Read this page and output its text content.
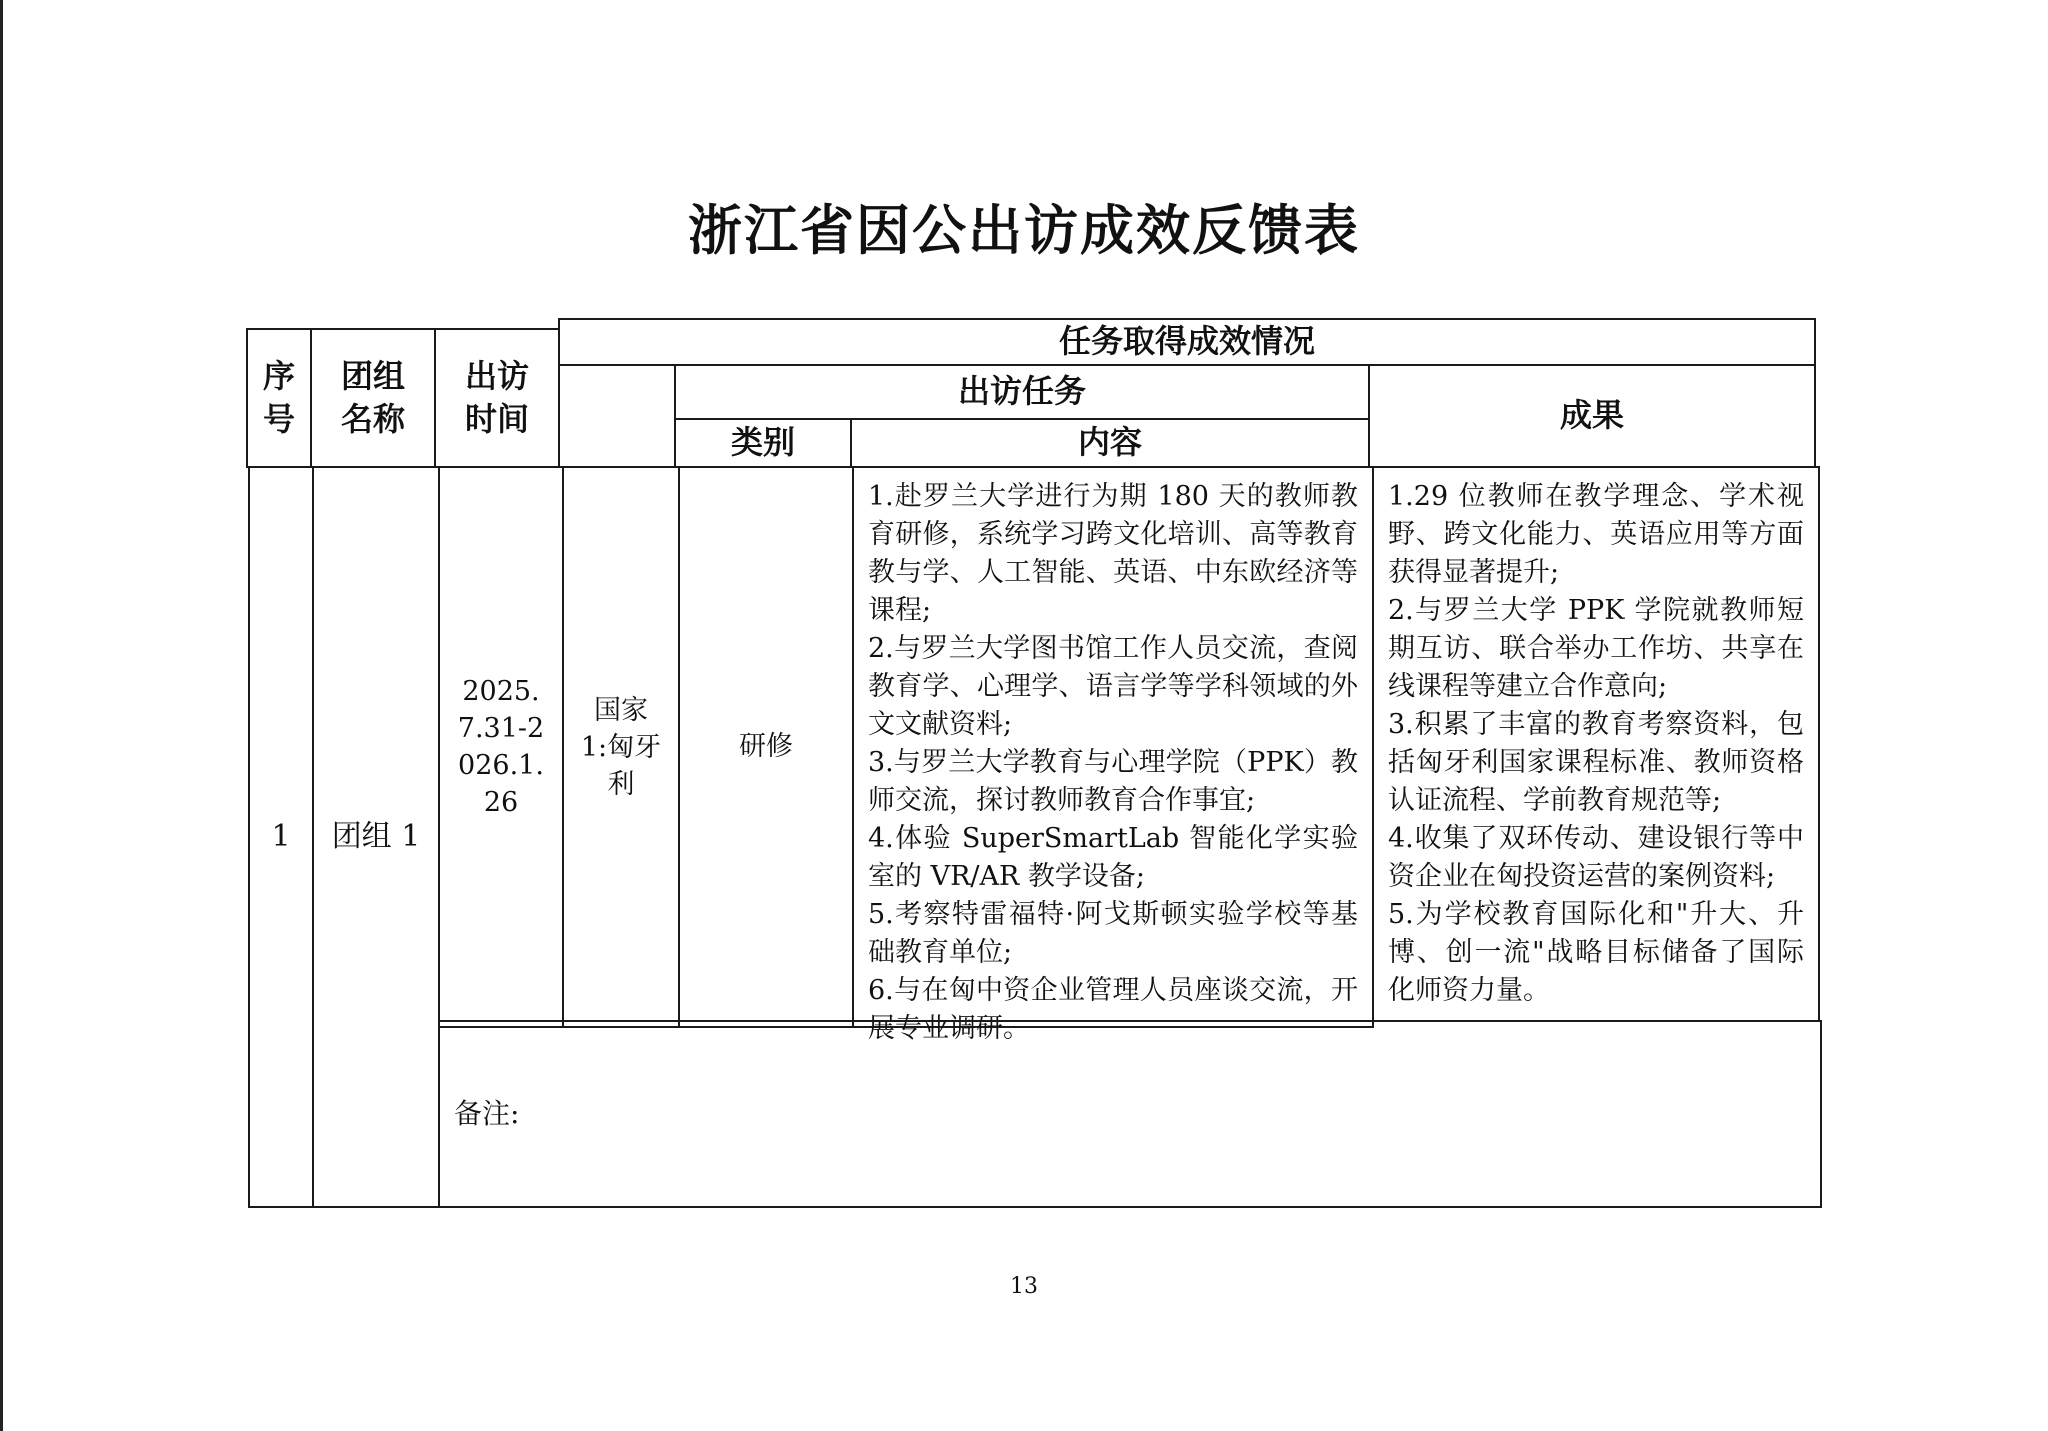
浙江省因公出访成效反馈表
序号
团组名称
出访时间
任务取得成效情况
出访任务
成果
类别	内容
1	团组 1
2025.7.31-2026.1.26
国家 1:匈牙利
研修
1.赴罗兰大学进行为期 180 天的教师教育研修，系统学习跨文化培训、高等教育教与学、人工智能、英语、中东欧经济等课程;
2.与罗兰大学图书馆工作人员交流，查阅教育学、心理学、语言学等学科领域的外文文献资料;
3.与罗兰大学教育与心理学院（PPK）教师交流，探讨教师教育合作事宜;
4.体验 SuperSmartLab 智能化学实验室的 VR/AR 教学设备;
5.考察特雷福特·阿戈斯顿实验学校等基础教育单位;
6.与在匈中资企业管理人员座谈交流，开展专业调研。
1.29 位教师在教学理念、学术视野、跨文化能力、英语应用等方面获得显著提升;
2.与罗兰大学 PPK 学院就教师短期互访、联合举办工作坊、共享在线课程等建立合作意向;
3.积累了丰富的教育考察资料，包括匈牙利国家课程标准、教师资格认证流程、学前教育规范等;
4.收集了双环传动、建设银行等中资企业在匈投资运营的案例资料;
5.为学校教育国际化和"升大、升博、创一流"战略目标储备了国际化师资力量。
备注:
13
